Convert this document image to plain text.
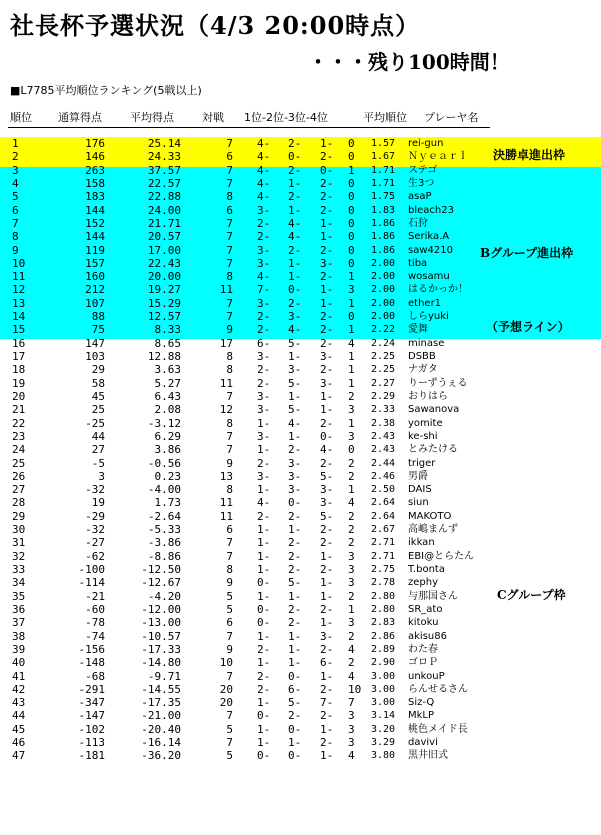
社長杯予選状況（4/3 20:00時点）
・・・残り100時間！
■L7785平均順位ランキング(5戦以上)
順位 通算得点	平均得点	対戦 1位-2位-3位-4位	平均順位 プレーヤ名
1	176	25.14	7 4- 2- 1- 0 1.57 rei-gun
2	146	24.33	6 4- 0- 2- 0 1.67 Ｎｙｅａｒｌ
3	263	37.57	7 4- 2- 0- 1 1.71 ステゴ
4	158	22.57	7 4- 1- 2- 0 1.71 生3つ
5	183	22.88	8 4- 2- 2- 0 1.75 asaP
6	144	24.00	6 3- 1- 2- 0 1.83 bleach23
7	152	21.71	7 2- 4- 1- 0 1.86 石狩
8	144	20.57	7 2- 4- 1- 0 1.86 Serika.A
9	119	17.00	7 3- 2- 2- 0 1.86 saw4210
10	157	22.43	7 3- 1- 3- 0 2.00 tiba
11	160	20.00	8 4- 1- 2- 1 2.00 wosamu
12	212	19.27	11 7- 0- 1- 3 2.00 はるかっか！
13	107	15.29	7 3- 2- 1- 1 2.00 ether1
14	88	12.57	7 2- 3- 2- 0 2.00 しらyuki
15	75	8.33	9 2- 4- 2- 1 2.22 愛舞
16	147	8.65	17 6- 5- 2- 4 2.24 minase
17	103	12.88	8 3- 1- 3- 1 2.25 DSBB
18	29	3.63	8 2- 3- 2- 1 2.25 ナガタ
19	58	5.27	11 2- 5- 3- 1 2.27 りーずうぇる
20	45	6.43	7 3- 1- 1- 2 2.29 おりはら
21	25	2.08	12 3- 5- 1- 3 2.33 Sawanova
22	-25	-3.12	8 1- 4- 2- 1 2.38 yomite
23	44	6.29	7 3- 1- 0- 3 2.43 ke-shi
24	27	3.86	7 1- 2- 4- 0 2.43 とみたける
25	-5	-0.56	9 2- 3- 2- 2 2.44 triger
26	3	0.23	13 3- 3- 5- 2 2.46 男爵
27	-32	-4.00	8 1- 3- 3- 1 2.50 DAIS
28	19	1.73	11 4- 0- 3- 4 2.64 siun
29	-29	-2.64	11 2- 2- 5- 2 2.64 MAKOTO
30	-32	-5.33	6 1- 1- 2- 2 2.67 高嶋まんず
31	-27	-3.86	7 1- 2- 2- 2 2.71 ikkan
32	-62	-8.86	7 1- 2- 1- 3 2.71 EBI@とらたん
33	-100	-12.50	8 1- 2- 2- 3 2.75 T.bonta
34	-114	-12.67	9 0- 5- 1- 3 2.78 zephy
35	-21	-4.20	5 1- 1- 1- 2 2.80 与那国さん
36	-60	-12.00	5 0- 2- 2- 1 2.80 SR_ato
37	-78	-13.00	6 0- 2- 1- 3 2.83 kitoku
38	-74	-10.57	7 1- 1- 3- 2 2.86 akisu86
39	-156	-17.33	9 2- 1- 2- 4 2.89 わた春
40	-148	-14.80	10 1- 1- 6- 2 2.90 ゴロＰ
41	-68	-9.71	7 2- 0- 1- 4 3.00 unkouP
42	-291	-14.55	20 2- 6- 2- 10 3.00 らんせるさん
43	-347	-17.35	20 1- 5- 7- 7 3.00 Siz-Q
44	-147	-21.00	7 0- 2- 2- 3 3.14 MkLP
45	-102	-20.40	5 1- 0- 1- 3 3.20 桃色メイド長
46	-113	-16.14	7 1- 1- 2- 3 3.29 davivi
47	-181	-36.20	5 0- 0- 1- 4 3.80 黒井旧式
決勝卓進出枠
Bグループ進出枠
（予想ライン）
Cグループ枠
